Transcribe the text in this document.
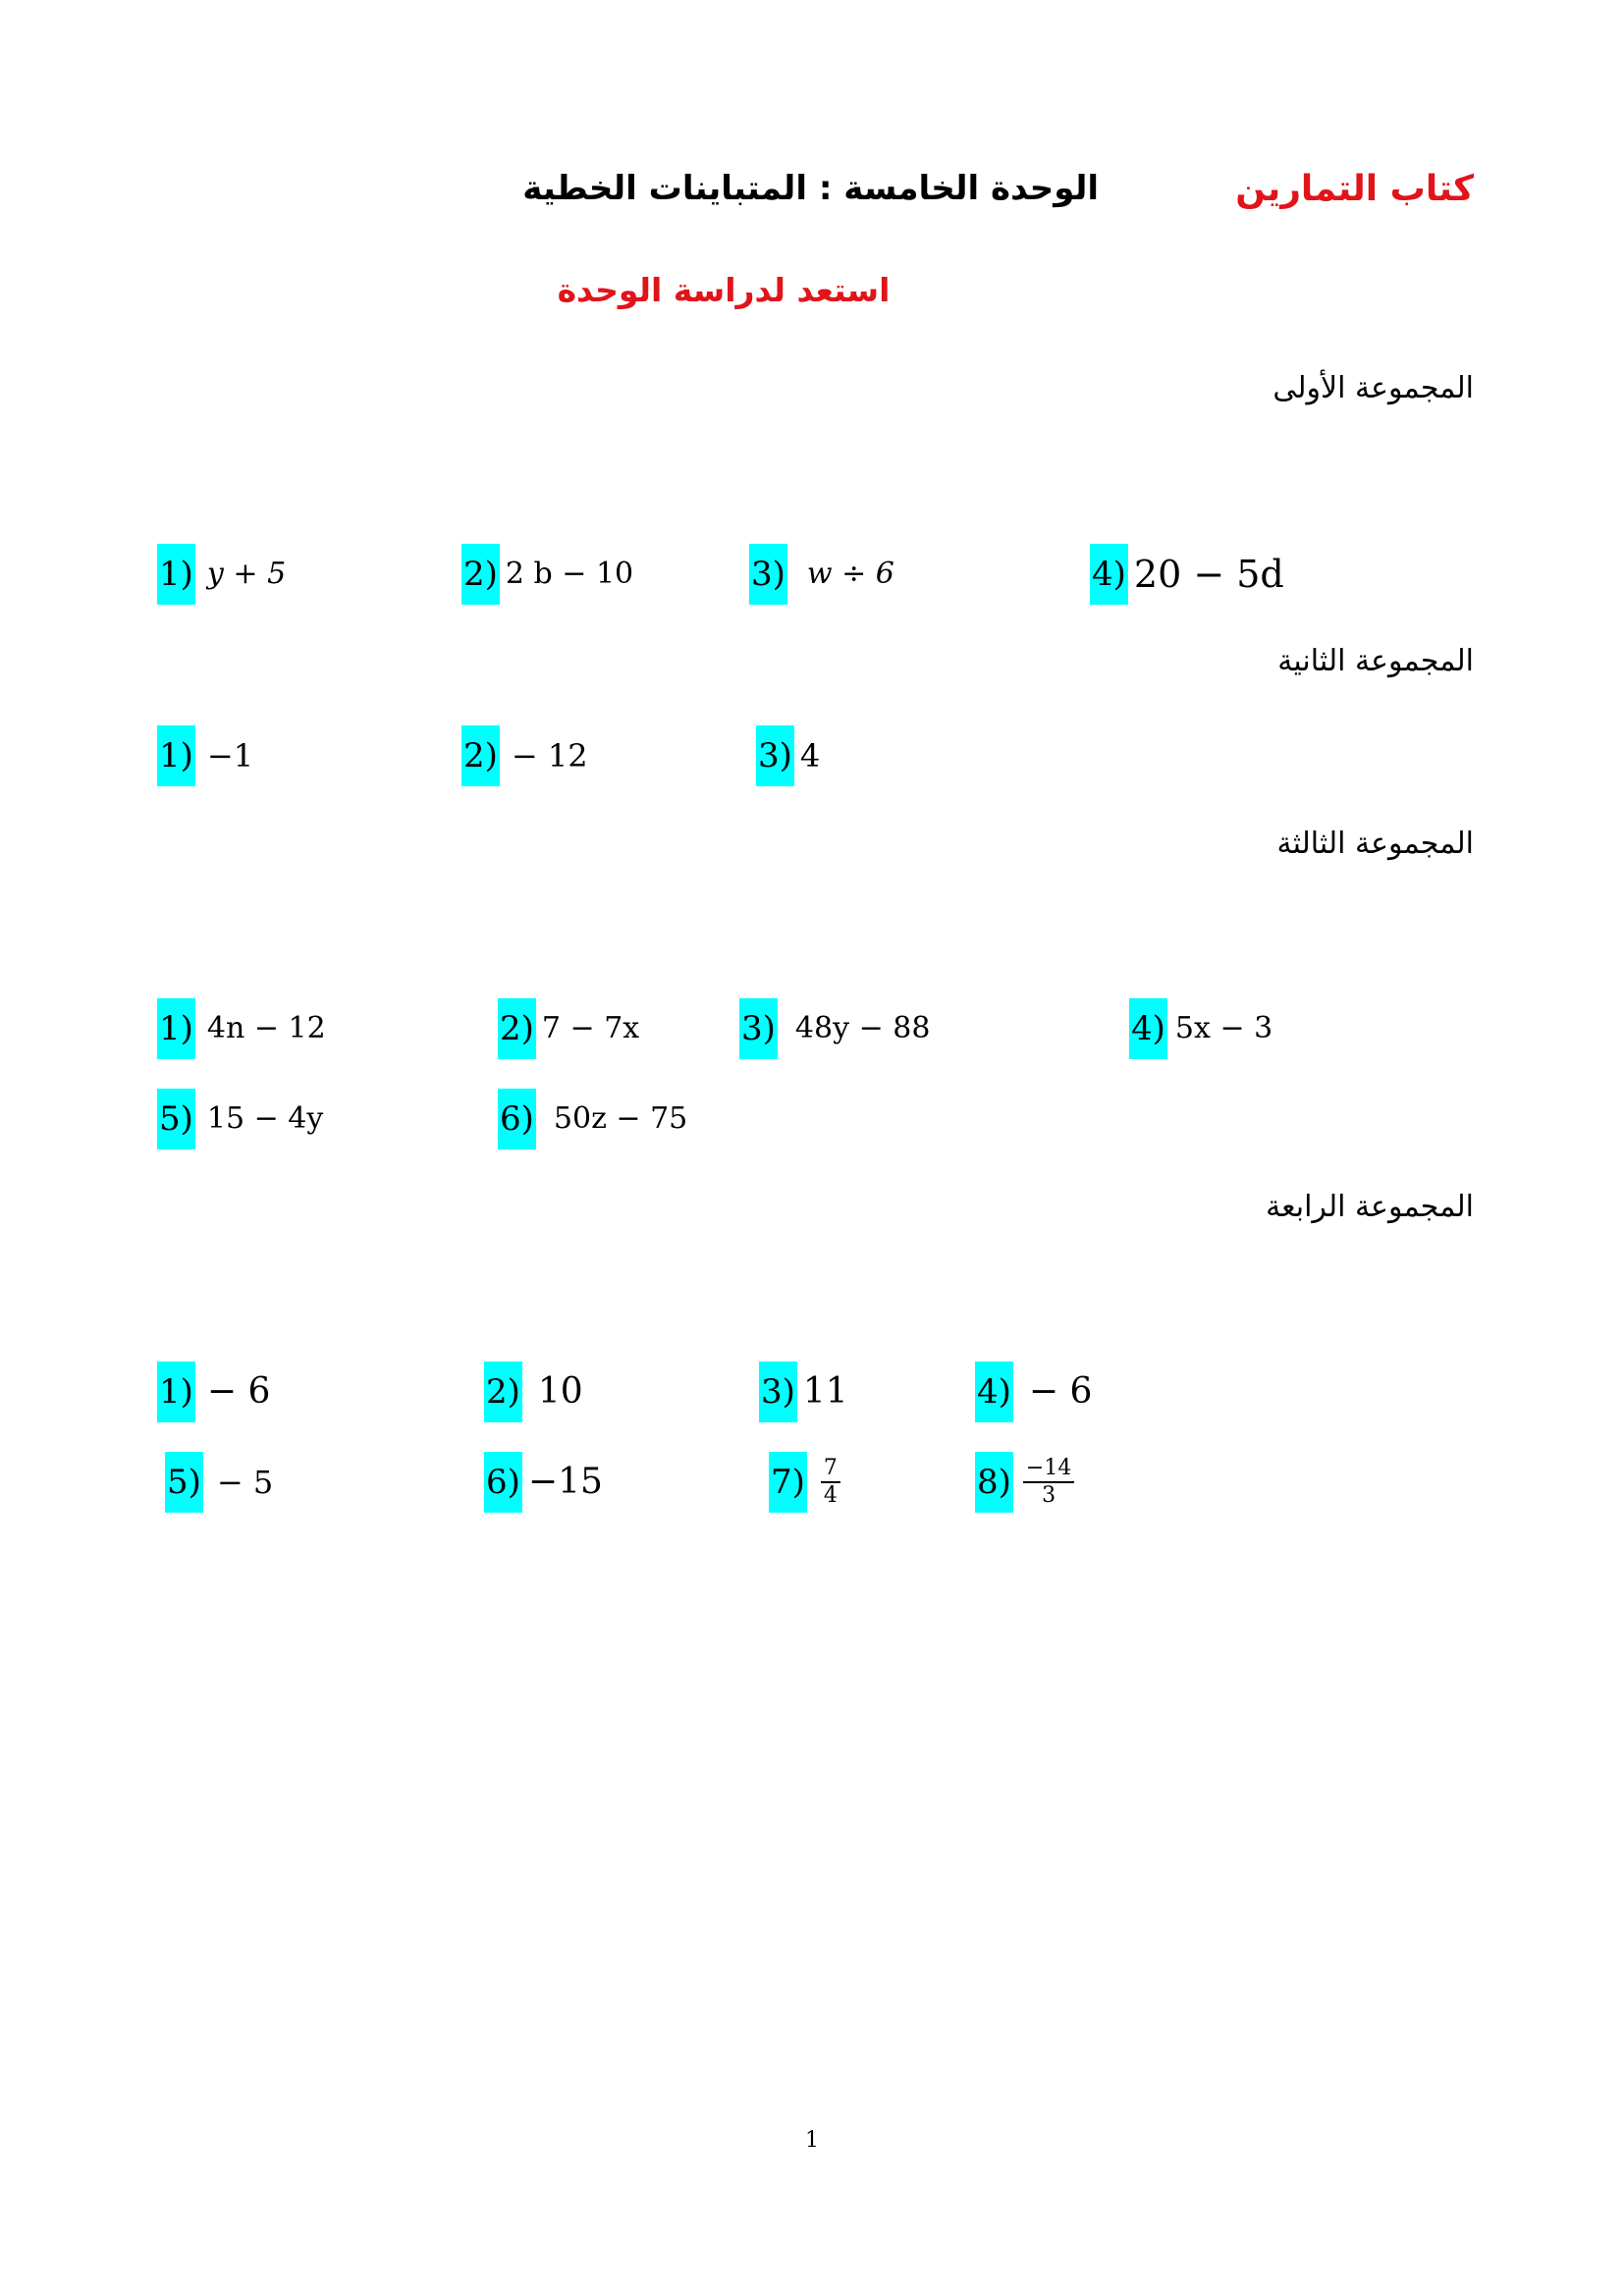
كتاب التمارين
الوحدة الخامسة : المتباينات الخطية
استعد لدراسة الوحدة
المجموعة الأولى
1) y + 5	2) 2 b − 10	3) w ÷ 6	4) 20 − 5d
المجموعة الثانية
1) −1	2) − 12	3) 4
المجموعة الثالثة
1) 4n − 12	2) 7 − 7x	3) 48y − 88	4) 5x − 3
5) 15 − 4y	6) 50z − 75
المجموعة الرابعة
1) − 6	2) 10	3) 11	4) − 6
5) − 5	6) −15	$7) \frac{7}{4}$	$8) \frac{-14}{3}$
1
